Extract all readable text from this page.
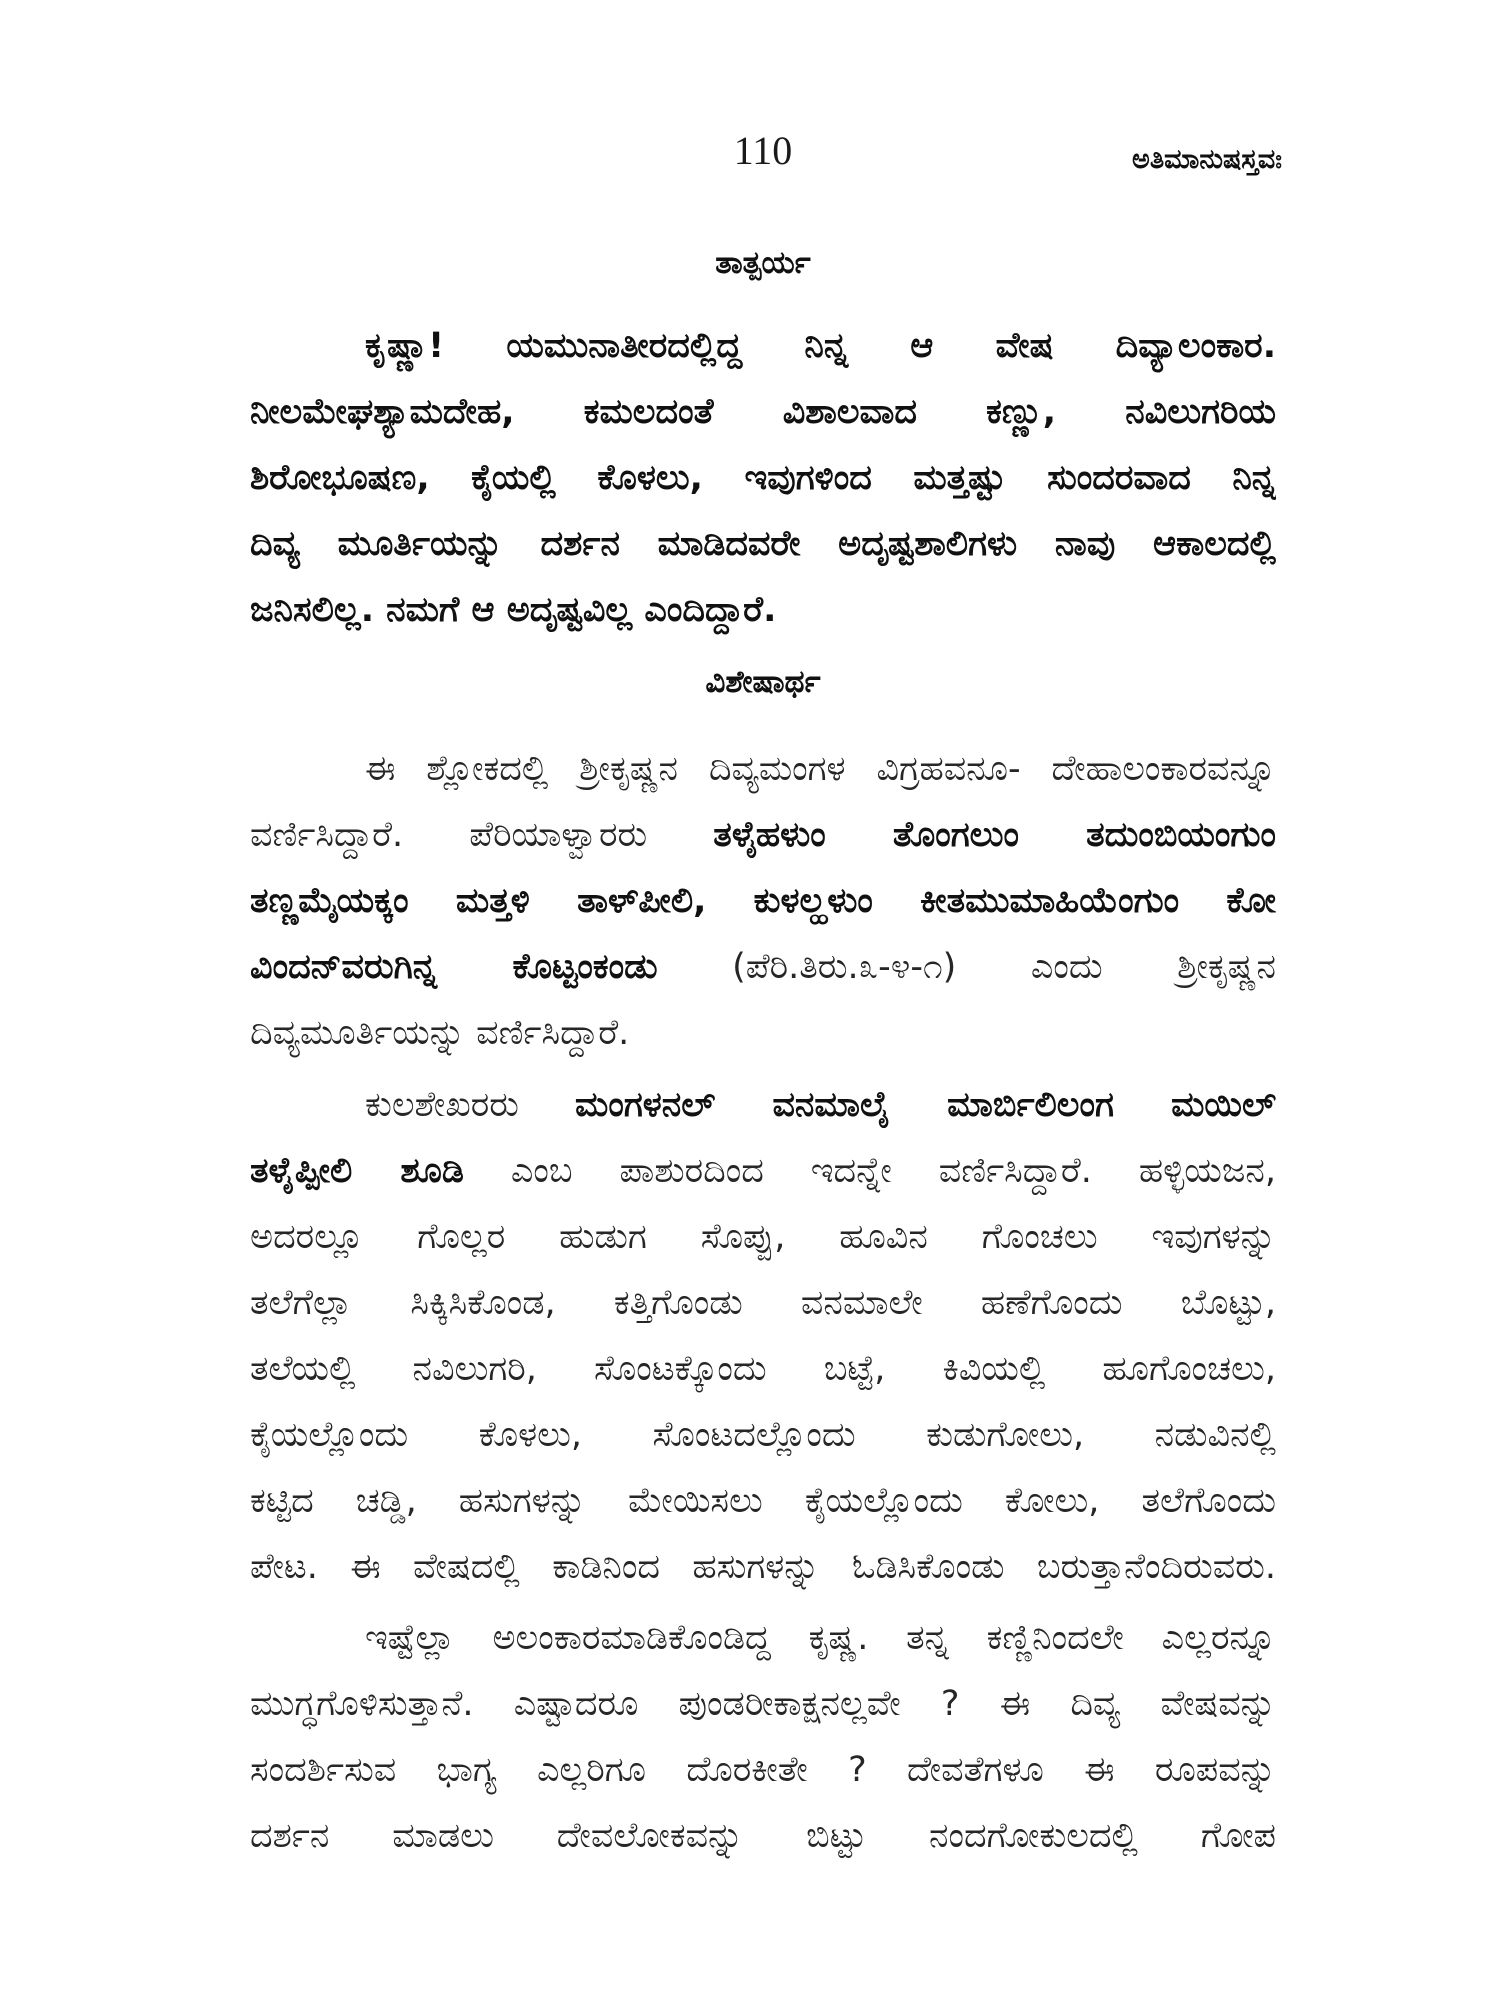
110	ಅತಿಮಾನುಷಸ್ತವಃ
ತಾತ್ಪರ್ಯ
ಕೃಷ್ಣಾ! ಯಮುನಾತೀರದಲ್ಲಿದ್ದ ನಿನ್ನ ಆ ವೇಷ ದಿವ್ಯಾಲಂಕಾರ.
ನೀಲಮೇಘಶ್ಯಾಮದೇಹ, ಕಮಲದಂತೆ ವಿಶಾಲವಾದ ಕಣ್ಣು, ನವಿಲುಗರಿಯ
ಶಿರೋಭೂಷಣ, ಕೈಯಲ್ಲಿ ಕೊಳಲು, ಇವುಗಳಿಂದ ಮತ್ತಷ್ಟು ಸುಂದರವಾದ ನಿನ್ನ
ದಿವ್ಯ ಮೂರ್ತಿಯನ್ನು ದರ್ಶನ ಮಾಡಿದವರೇ ಅದೃಷ್ಟಶಾಲಿಗಳು ನಾವು ಆಕಾಲದಲ್ಲಿ
ಜನಿಸಲಿಲ್ಲ. ನಮಗೆ ಆ ಅದೃಷ್ಟವಿಲ್ಲ ಎಂದಿದ್ದಾರೆ.
ವಿಶೇಷಾರ್ಥ
ಈ ಶ್ಲೋಕದಲ್ಲಿ ಶ್ರೀಕೃಷ್ಣನ ದಿವ್ಯಮಂಗಳ ವಿಗ್ರಹವನೂ- ದೇಹಾಲಂಕಾರವನ್ನೂ
ವರ್ಣಿಸಿದ್ದಾರೆ. ಪೆರಿಯಾಳ್ವಾರರು ತಳೈಹಳುಂ ತೊಂಗಲುಂ ತದುಂಬಿಯಂಗುಂ
ತಣ್ಣಮೈಯಕ್ಕಂ ಮತ್ತಳಿ ತಾಳ್‌ಪೀಲಿ, ಕುಳಲ್ಹಳುಂ ಕೀತಮುಮಾಹಿಯೆಂಗುಂ ಕೋ
ವಿಂದನ್‌ವರುಗಿನ್ನ ಕೊಟ್ಟಂಕಂಡು (ಪೆರಿ.ತಿರು.೩-೪-೧) ಎಂದು ಶ್ರೀಕೃಷ್ಣನ
ದಿವ್ಯಮೂರ್ತಿಯನ್ನು ವರ್ಣಿಸಿದ್ದಾರೆ.
ಕುಲಶೇಖರರು ಮಂಗಳನಲ್ ವನಮಾಲೈ ಮಾರ್ಬಿಲಿಲಂಗ ಮಯಿಲ್
ತಳೈಪ್ಪೀಲಿ ಶೂಡಿ ಎಂಬ ಪಾಶುರದಿಂದ ಇದನ್ನೇ ವರ್ಣಿಸಿದ್ದಾರೆ. ಹಳ್ಳಿಯಜನ,
ಅದರಲ್ಲೂ ಗೊಲ್ಲರ ಹುಡುಗ ಸೊಪ್ಪು, ಹೂವಿನ ಗೊಂಚಲು ಇವುಗಳನ್ನು
ತಲೆಗೆಲ್ಲಾ ಸಿಕ್ಕಿಸಿಕೊಂಡ, ಕತ್ತಿಗೊಂಡು ವನಮಾಲೇ ಹಣೆಗೊಂದು ಬೊಟ್ಟು,
ತಲೆಯಲ್ಲಿ ನವಿಲುಗರಿ, ಸೊಂಟಕ್ಕೊಂದು ಬಟ್ಟೆ, ಕಿವಿಯಲ್ಲಿ ಹೂಗೊಂಚಲು,
ಕೈಯಲ್ಲೊಂದು ಕೊಳಲು, ಸೊಂಟದಲ್ಲೊಂದು ಕುಡುಗೋಲು, ನಡುವಿನಲ್ಲಿ
ಕಟ್ಟಿದ ಚಡ್ಡಿ, ಹಸುಗಳನ್ನು ಮೇಯಿಸಲು ಕೈಯಲ್ಲೊಂದು ಕೋಲು, ತಲೆಗೊಂದು
ಪೇಟ. ಈ ವೇಷದಲ್ಲಿ ಕಾಡಿನಿಂದ ಹಸುಗಳನ್ನು ಓಡಿಸಿಕೊಂಡು ಬರುತ್ತಾನೆಂದಿರುವರು.
ಇಷ್ಟೆಲ್ಲಾ ಅಲಂಕಾರಮಾಡಿಕೊಂಡಿದ್ದ ಕೃಷ್ಣ. ತನ್ನ ಕಣ್ಣಿನಿಂದಲೇ ಎಲ್ಲರನ್ನೂ
ಮುಗ್ಧಗೊಳಿಸುತ್ತಾನೆ. ಎಷ್ಟಾದರೂ ಪುಂಡರೀಕಾಕ್ಷನಲ್ಲವೇ ? ಈ ದಿವ್ಯ ವೇಷವನ್ನು
ಸಂದರ್ಶಿಸುವ ಭಾಗ್ಯ ಎಲ್ಲರಿಗೂ ದೊರಕೀತೇ ? ದೇವತೆಗಳೂ ಈ ರೂಪವನ್ನು
ದರ್ಶನ ಮಾಡಲು ದೇವಲೋಕವನ್ನು ಬಿಟ್ಟು ನಂದಗೋಕುಲದಲ್ಲಿ ಗೋಪ
